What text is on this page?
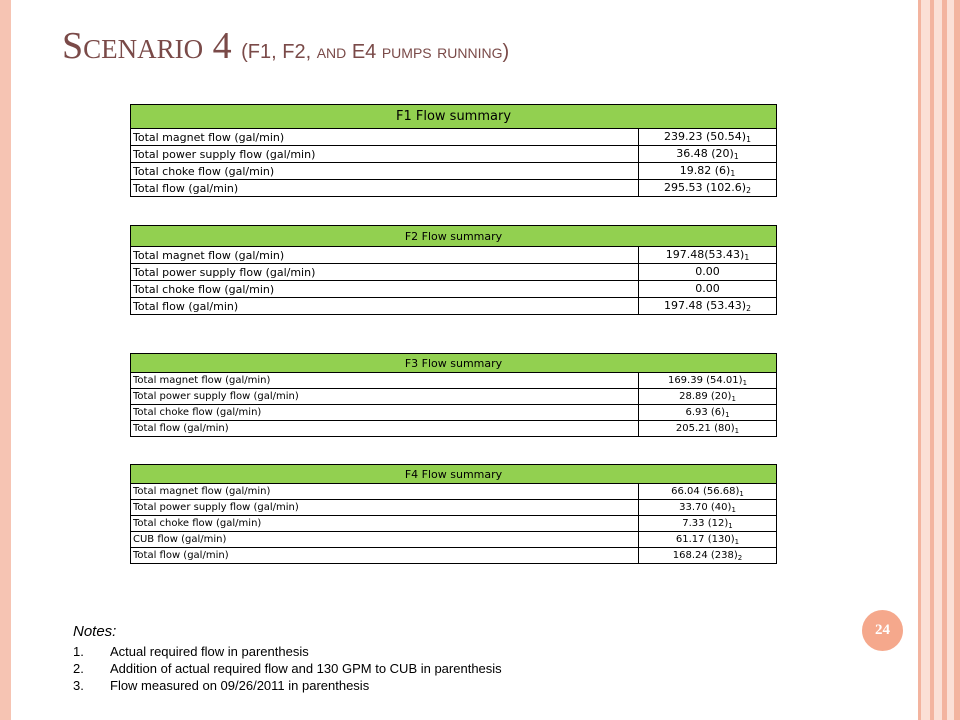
Scenario 4 (F1, F2, and E4 pumps running)
F1 Flow summary	
Total magnet flow (gal/min)	239.23 $(50.54)_1$
Total power supply flow (gal/min)	36.48 $(20)_1$
Total choke flow (gal/min)	19.82 $(6)_1$
Total flow (gal/min)	295.53 $(102.6)_2$
F2 Flow summary	
Total magnet flow (gal/min)	$197.48(53.43)_1$
Total power supply flow (gal/min)	0.00
Total choke flow (gal/min)	0.00
Total flow (gal/min)	197.48 $(53.43)_2$
F3 Flow summary	
Total magnet flow (gal/min)	169.39 $(54.01)_1$
Total power supply flow (gal/min)	28.89 $(20)_1$
Total choke flow (gal/min)	6.93 $(6)_1$
Total flow (gal/min)	205.21 $(80)_1$
F4 Flow summary	
Total magnet flow (gal/min)	66.04 $(56.68)_1$
Total power supply flow (gal/min)	33.70 $(40)_1$
Total choke flow (gal/min)	7.33 $(12)_1$
CUB flow (gal/min)	61.17 $(130)_1$
Total flow (gal/min)	168.24 $(238)_2$
24
Notes:
1.	Actual required flow in parenthesis
2.	Addition of actual required flow and 130 GPM to CUB in parenthesis
3.	Flow measured on 09/26/2011 in parenthesis
